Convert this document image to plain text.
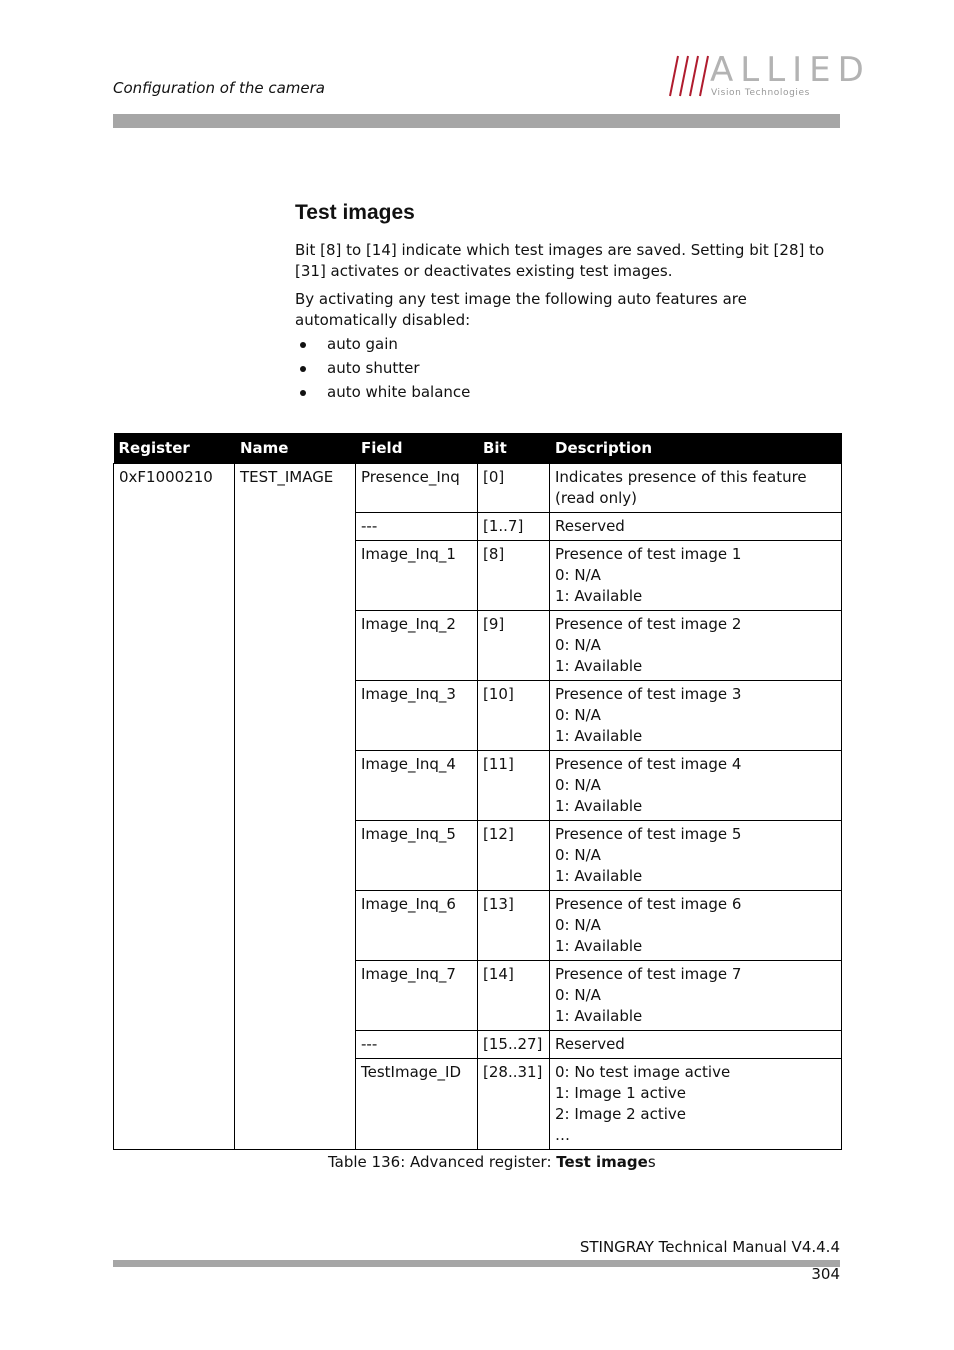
Configuration of the camera	ALLIED
Vision Technologies
Test images

Bit [8] to [14] indicate which test images are saved. Setting bit [28] to [31] activates or deactivates existing test images.

By activating any test image the following auto features are automatically disabled:

auto gain
auto shutter
auto white balance
Register	Name	Field	Bit	Description
0xF1000210	TEST_IMAGE	Presence_Inq	[0]	Indicates presence of this feature
(read only)
		---	[1..7]	Reserved
		Image_Inq_1	[8]	Presence of test image 1
0: N/A
1: Available
		Image_Inq_2	[9]	Presence of test image 2
0: N/A
1: Available
		Image_Inq_3	[10]	Presence of test image 3
0: N/A
1: Available
		Image_Inq_4	[11]	Presence of test image 4
0: N/A
1: Available
		Image_Inq_5	[12]	Presence of test image 5
0: N/A
1: Available
		Image_Inq_6	[13]	Presence of test image 6
0: N/A
1: Available
		Image_Inq_7	[14]	Presence of test image 7
0: N/A
1: Available
		---	[15..27]	Reserved
		TestImage_ID	[28..31]	0: No test image active
1: Image 1 active
2: Image 2 active
…
Table 136: Advanced register: Test images
STINGRAY Technical Manual V4.4.4
304
